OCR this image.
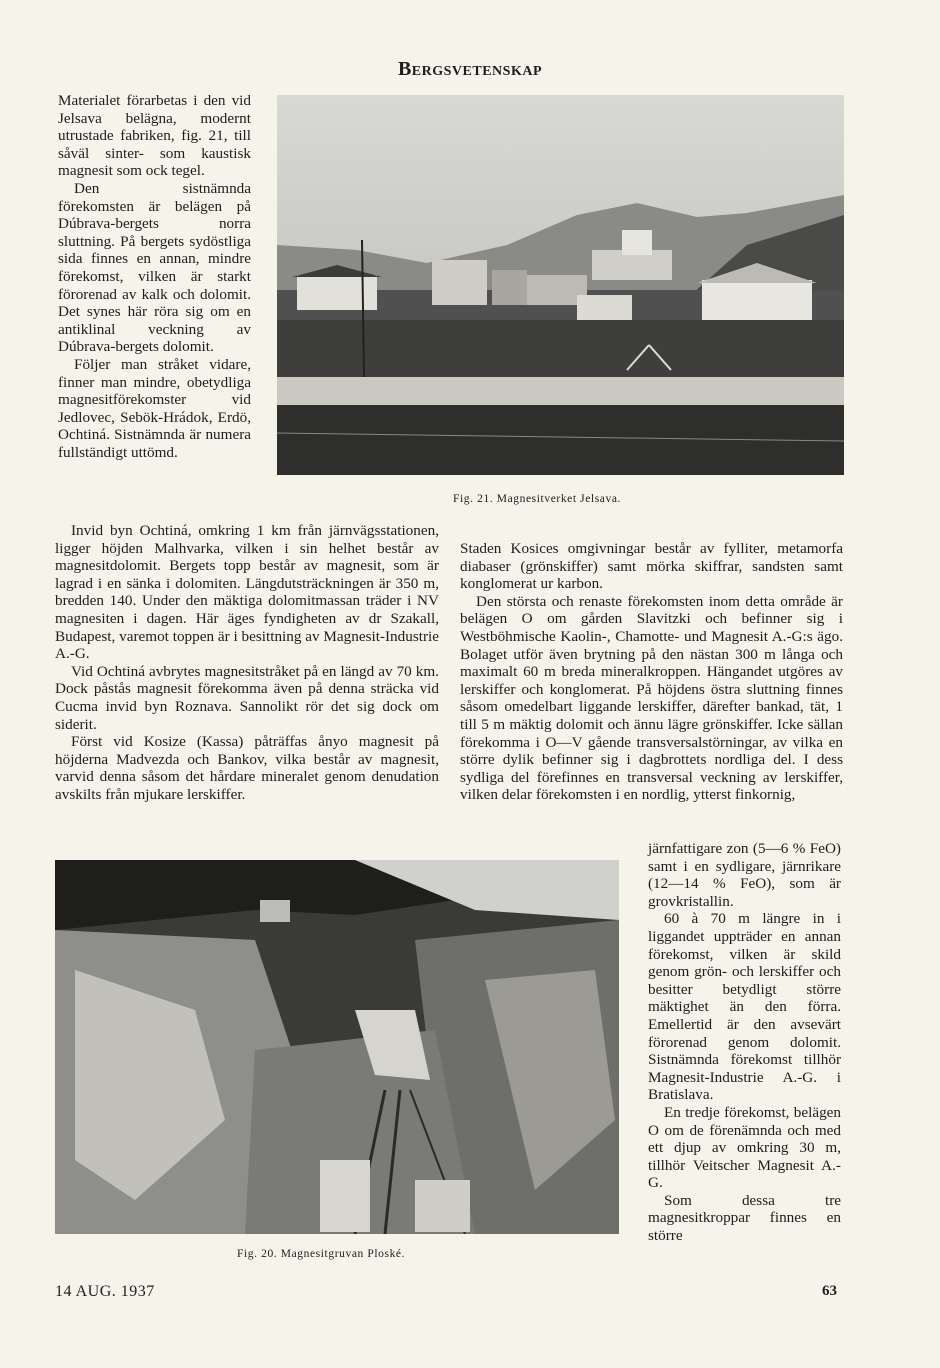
Bergsvetenskap

Materialet förarbetas i den vid Jelsava belägna, modernt utrustade fabriken, fig. 21, till såväl sinter- som kaustisk magnesit som ock tegel.

Den sistnämnda förekomsten är belägen på Dúbrava-bergets norra sluttning. På bergets sydöstliga sida finnes en annan, mindre förekomst, vilken är starkt förorenad av kalk och dolomit. Det synes här röra sig om en antiklinal veckning av Dúbrava-bergets dolomit.

Följer man stråket vidare, finner man mindre, obetydliga magnesitförekomster vid Jedlovec, Sebök-Hrádok, Erdö, Ochtiná. Sistnämnda är numera fullständigt uttömd.

Fig. 21. Magnesitverket Jelsava.

Invid byn Ochtiná, omkring 1 km från järnvägsstationen, ligger höjden Malhvarka, vilken i sin helhet består av magnesitdolomit. Bergets topp består av magnesit, som är lagrad i en sänka i dolomiten. Längdutsträckningen är 350 m, bredden 140. Under den mäktiga dolomitmassan träder i NV magnesiten i dagen. Här äges fyndigheten av dr Szakall, Budapest, varemot toppen är i besittning av Magnesit-Industrie A.-G.

Vid Ochtiná avbrytes magnesitstråket på en längd av 70 km. Dock påstås magnesit förekomma även på denna sträcka vid Cucma invid byn Roznava. Sannolikt rör det sig dock om siderit.

Först vid Kosize (Kassa) påträffas ånyo magnesit på höjderna Madvezda och Bankov, vilka består av magnesit, varvid denna såsom det hårdare mineralet genom denudation avskilts från mjukare lerskiffer.

Staden Kosices omgivningar består av fylliter, metamorfa diabaser (grönskiffer) samt mörka skiffrar, sandsten samt konglomerat ur karbon.

Den största och renaste förekomsten inom detta område är belägen O om gården Slavitzki och befinner sig i Westböhmische Kaolin-, Chamotte- und Magnesit A.-G:s ägo. Bolaget utför även brytning på den nästan 300 m långa och maximalt 60 m breda mineralkroppen. Hängandet utgöres av lerskiffer och konglomerat. På höjdens östra sluttning finnes såsom omedelbart liggande lerskiffer, därefter bankad, tät, 1 till 5 m mäktig dolomit och ännu lägre grönskiffer. Icke sällan förekomma i O—V gående transversalstörningar, av vilka en större dylik befinner sig i dagbrottets nordliga del. I dess sydliga del förefinnes en transversal veckning av lerskiffer, vilken delar förekomsten i en nordlig, ytterst finkornig,

Fig. 20. Magnesitgruvan Ploské.

järnfattigare zon (5—6 % FeO) samt i en sydligare, järnrikare (12—14 % FeO), som är grovkristallin.

60 à 70 m längre in i liggandet uppträder en annan förekomst, vilken är skild genom grön- och lerskiffer och besitter betydligt större mäktighet än den förra. Emellertid är den avsevärt förorenad genom dolomit. Sistnämnda förekomst tillhör Magnesit-Industrie A.-G. i Bratislava.

En tredje förekomst, belägen O om de förenämnda och med ett djup av omkring 30 m, tillhör Veitscher Magnesit A.-G.

Som dessa tre magnesitkroppar finnes en större

14 AUG. 1937	63
